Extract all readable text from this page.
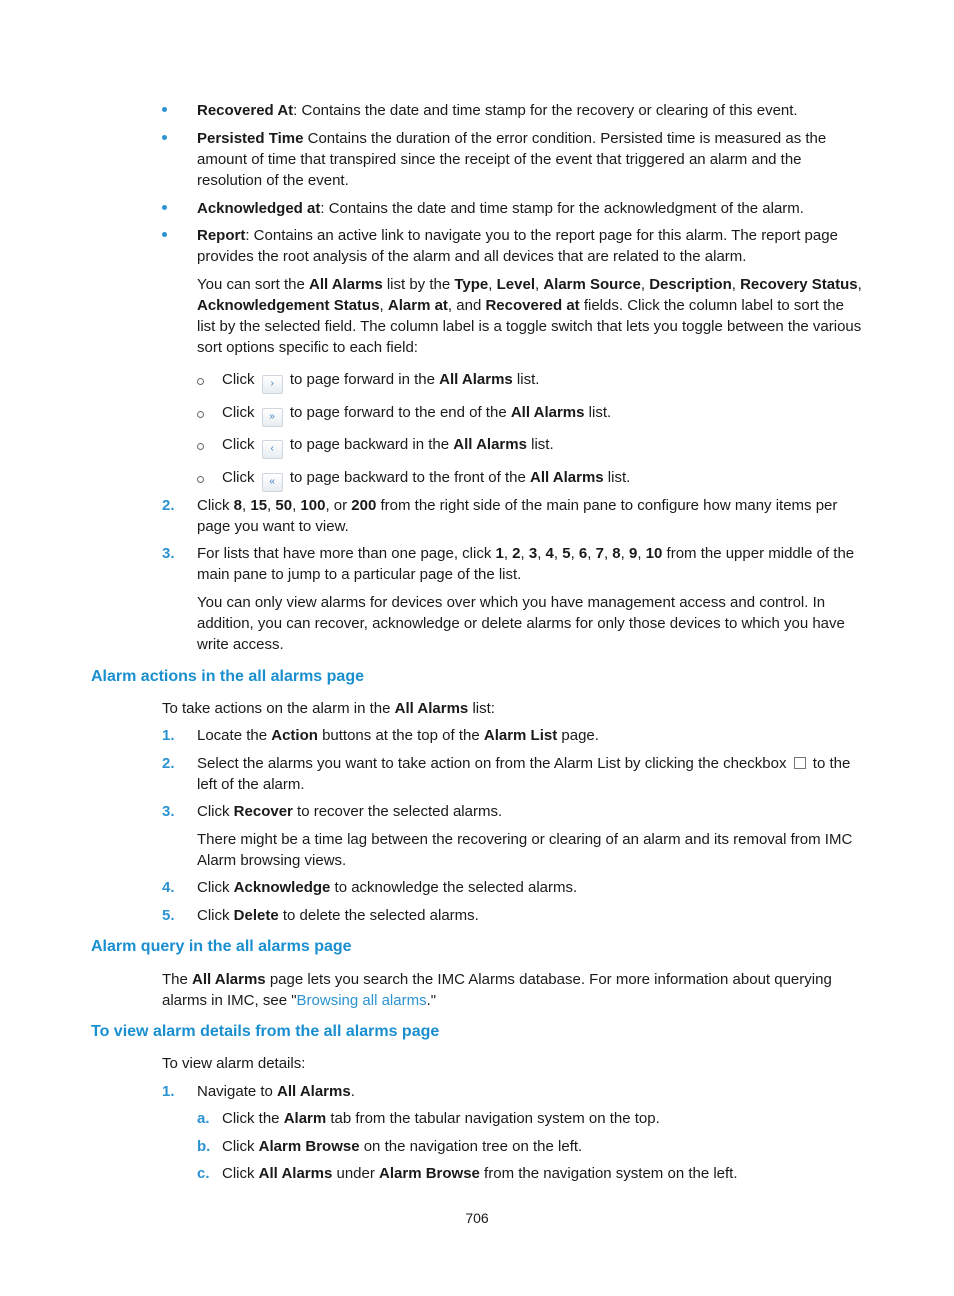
Recovered At: Contains the date and time stamp for the recovery or clearing of this event.
Persisted Time Contains the duration of the error condition. Persisted time is measured as the amount of time that transpired since the receipt of the event that triggered an alarm and the resolution of the event.
Acknowledged at: Contains the date and time stamp for the acknowledgment of the alarm.
Report: Contains an active link to navigate you to the report page for this alarm. The report page provides the root analysis of the alarm and all devices that are related to the alarm.
You can sort the All Alarms list by the Type, Level, Alarm Source, Description, Recovery Status, Acknowledgement Status, Alarm at, and Recovered at fields. Click the column label to sort the list by the selected field. The column label is a toggle switch that lets you toggle between the various sort options specific to each field:
Click › to page forward in the All Alarms list.
Click » to page forward to the end of the All Alarms list.
Click ‹ to page backward in the All Alarms list.
Click « to page backward to the front of the All Alarms list.
2. Click 8, 15, 50, 100, or 200 from the right side of the main pane to configure how many items per page you want to view.
3. For lists that have more than one page, click 1, 2, 3, 4, 5, 6, 7, 8, 9, 10 from the upper middle of the main pane to jump to a particular page of the list.
You can only view alarms for devices over which you have management access and control. In addition, you can recover, acknowledge or delete alarms for only those devices to which you have write access.
Alarm actions in the all alarms page
To take actions on the alarm in the All Alarms list:
1. Locate the Action buttons at the top of the Alarm List page.
2. Select the alarms you want to take action on from the Alarm List by clicking the checkbox to the left of the alarm.
3. Click Recover to recover the selected alarms.
There might be a time lag between the recovering or clearing of an alarm and its removal from IMC Alarm browsing views.
4. Click Acknowledge to acknowledge the selected alarms.
5. Click Delete to delete the selected alarms.
Alarm query in the all alarms page
The All Alarms page lets you search the IMC Alarms database. For more information about querying alarms in IMC, see "Browsing all alarms."
To view alarm details from the all alarms page
To view alarm details:
1. Navigate to All Alarms.
a. Click the Alarm tab from the tabular navigation system on the top.
b. Click Alarm Browse on the navigation tree on the left.
c. Click All Alarms under Alarm Browse from the navigation system on the left.
706
